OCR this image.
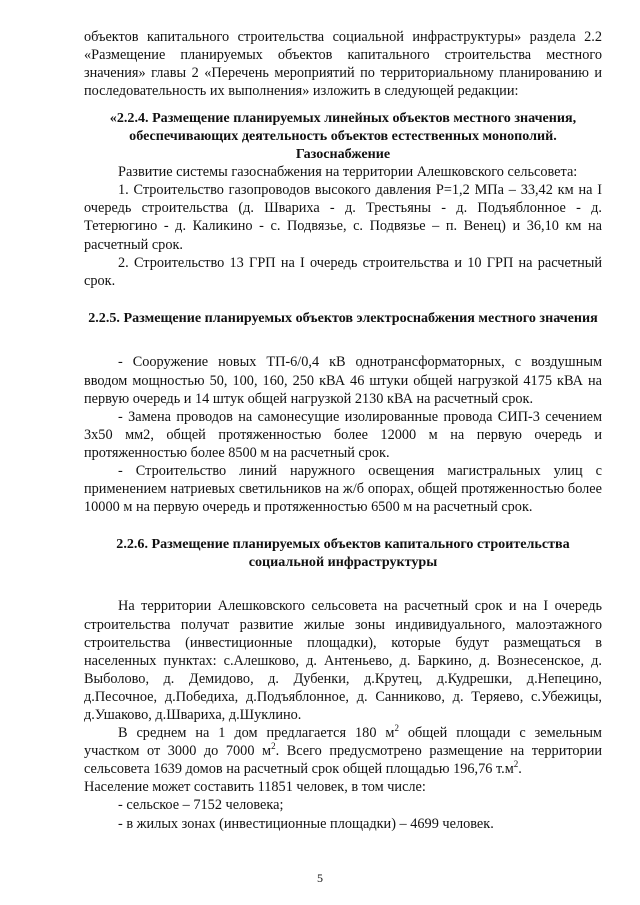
объектов капитального строительства социальной инфраструктуры» раздела 2.2 «Размещение планируемых объектов капитального строительства местного значения» главы 2 «Перечень мероприятий по территориальному планированию и последовательность их выполнения» изложить в следующей редакции:

«2.2.4. Размещение планируемых линейных объектов местного значения, обеспечивающих деятельность объектов естественных монополий. Газоснабжение

Развитие системы газоснабжения на территории Алешковского сельсовета:

1. Строительство газопроводов высокого давления Р=1,2 МПа – 33,42 км на I очередь строительства (д. Швариха - д. Трестьяны - д. Подъяблонное - д. Тетерюгино - д. Каликино - с. Подвязье, с. Подвязье – п. Венец) и 36,10 км на расчетный срок.

2. Строительство 13 ГРП на I очередь строительства и 10 ГРП на расчетный срок.

2.2.5. Размещение планируемых объектов электроснабжения местного значения

- Сооружение новых ТП-6/0,4 кВ однотрансформаторных, с воздушным вводом мощностью 50, 100, 160, 250 кВА 46 штуки общей нагрузкой 4175 кВА на первую очередь и 14 штук общей нагрузкой 2130 кВА на расчетный срок.

- Замена проводов на самонесущие изолированные провода СИП-3 сечением 3х50 мм2, общей протяженностью более 12000 м на первую очередь и протяженностью более 8500 м на расчетный срок.

- Строительство линий наружного освещения магистральных улиц с применением натриевых светильников на ж/б опорах, общей протяженностью более 10000 м на первую очередь и протяженностью 6500 м на расчетный срок.

2.2.6. Размещение планируемых объектов капитального строительства социальной инфраструктуры

На территории Алешковского сельсовета на расчетный срок и на I очередь строительства получат развитие жилые зоны индивидуального, малоэтажного строительства (инвестиционные площадки), которые будут размещаться в населенных пунктах: с.Алешково, д. Антеньево, д. Баркино, д. Вознесенское, д. Выболово, д. Демидово, д. Дубенки, д.Крутец, д.Кудрешки, д.Непецино, д.Песочное, д.Победиха, д.Подъяблонное, д. Санниково, д. Теряево, с.Убежицы, д.Ушаково, д.Швариха, д.Шуклино.

В среднем на 1 дом предлагается 180 $м^2$ общей площади с земельным участком от 3000 до 7000 $м^2$. Всего предусмотрено размещение на территории сельсовета 1639 домов на расчетный срок общей площадью 196,76 $т.м^2$.

Население может составить 11851 человек, в том числе:

- сельское – 7152 человека;

- в жилых зонах (инвестиционные площадки) – 4699 человек.

5
